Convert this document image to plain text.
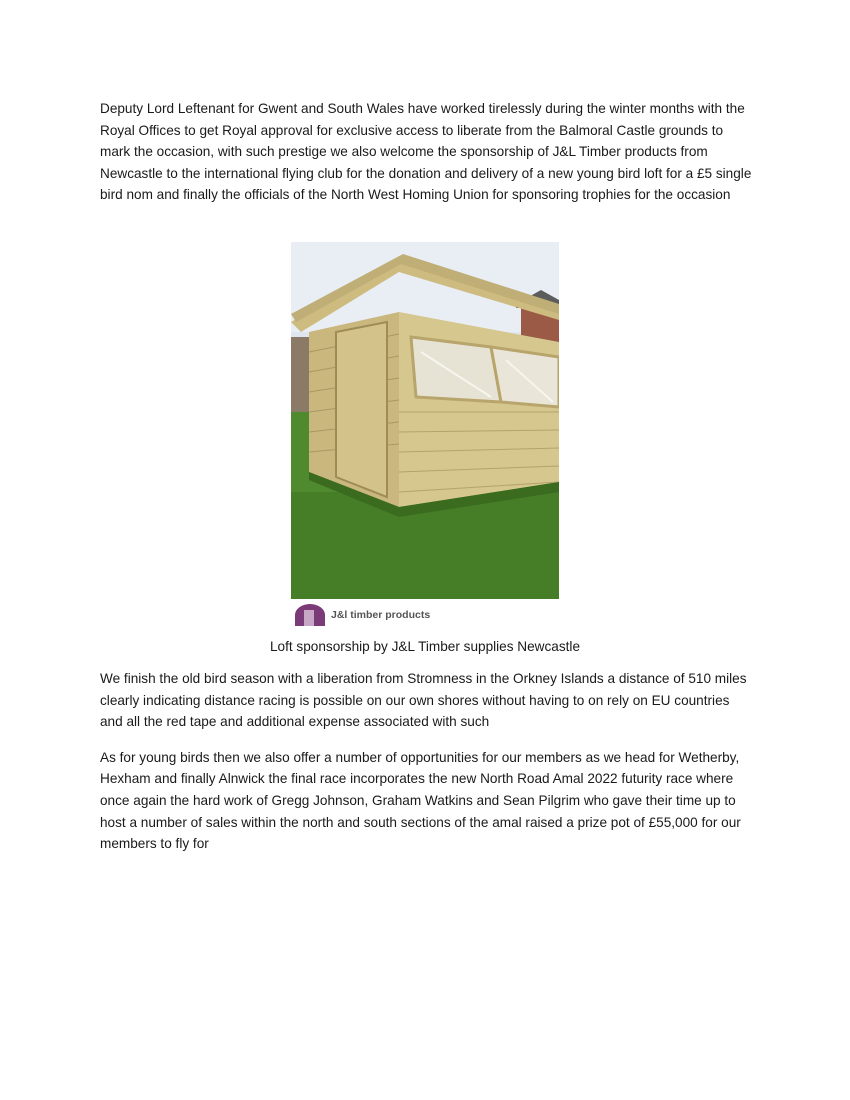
Deputy Lord Leftenant for Gwent and South Wales have worked tirelessly during the winter months with the Royal Offices to get Royal approval for exclusive access to liberate from the Balmoral Castle grounds to mark the occasion, with such prestige we also welcome the sponsorship of J&L Timber products from Newcastle to the international flying club for the donation and delivery of a new young bird loft for a £5 single bird nom and finally the officials of the North West Homing Union for sponsoring trophies for the occasion

J&l timber products
Loft sponsorship by J&L Timber supplies Newcastle

We finish the old bird season with a liberation from Stromness in the Orkney Islands a distance of 510 miles clearly indicating distance racing is possible on our own shores without having to on rely on EU countries and all the red tape and additional expense associated with such

As for young birds then we also offer a number of opportunities for our members as we head for Wetherby, Hexham and finally Alnwick the final race incorporates the new North Road Amal 2022 futurity race where once again the hard work of Gregg Johnson, Graham Watkins and Sean Pilgrim who gave their time up to host a number of sales within the north and south sections of the amal raised a prize pot of £55,000 for our members to fly for
